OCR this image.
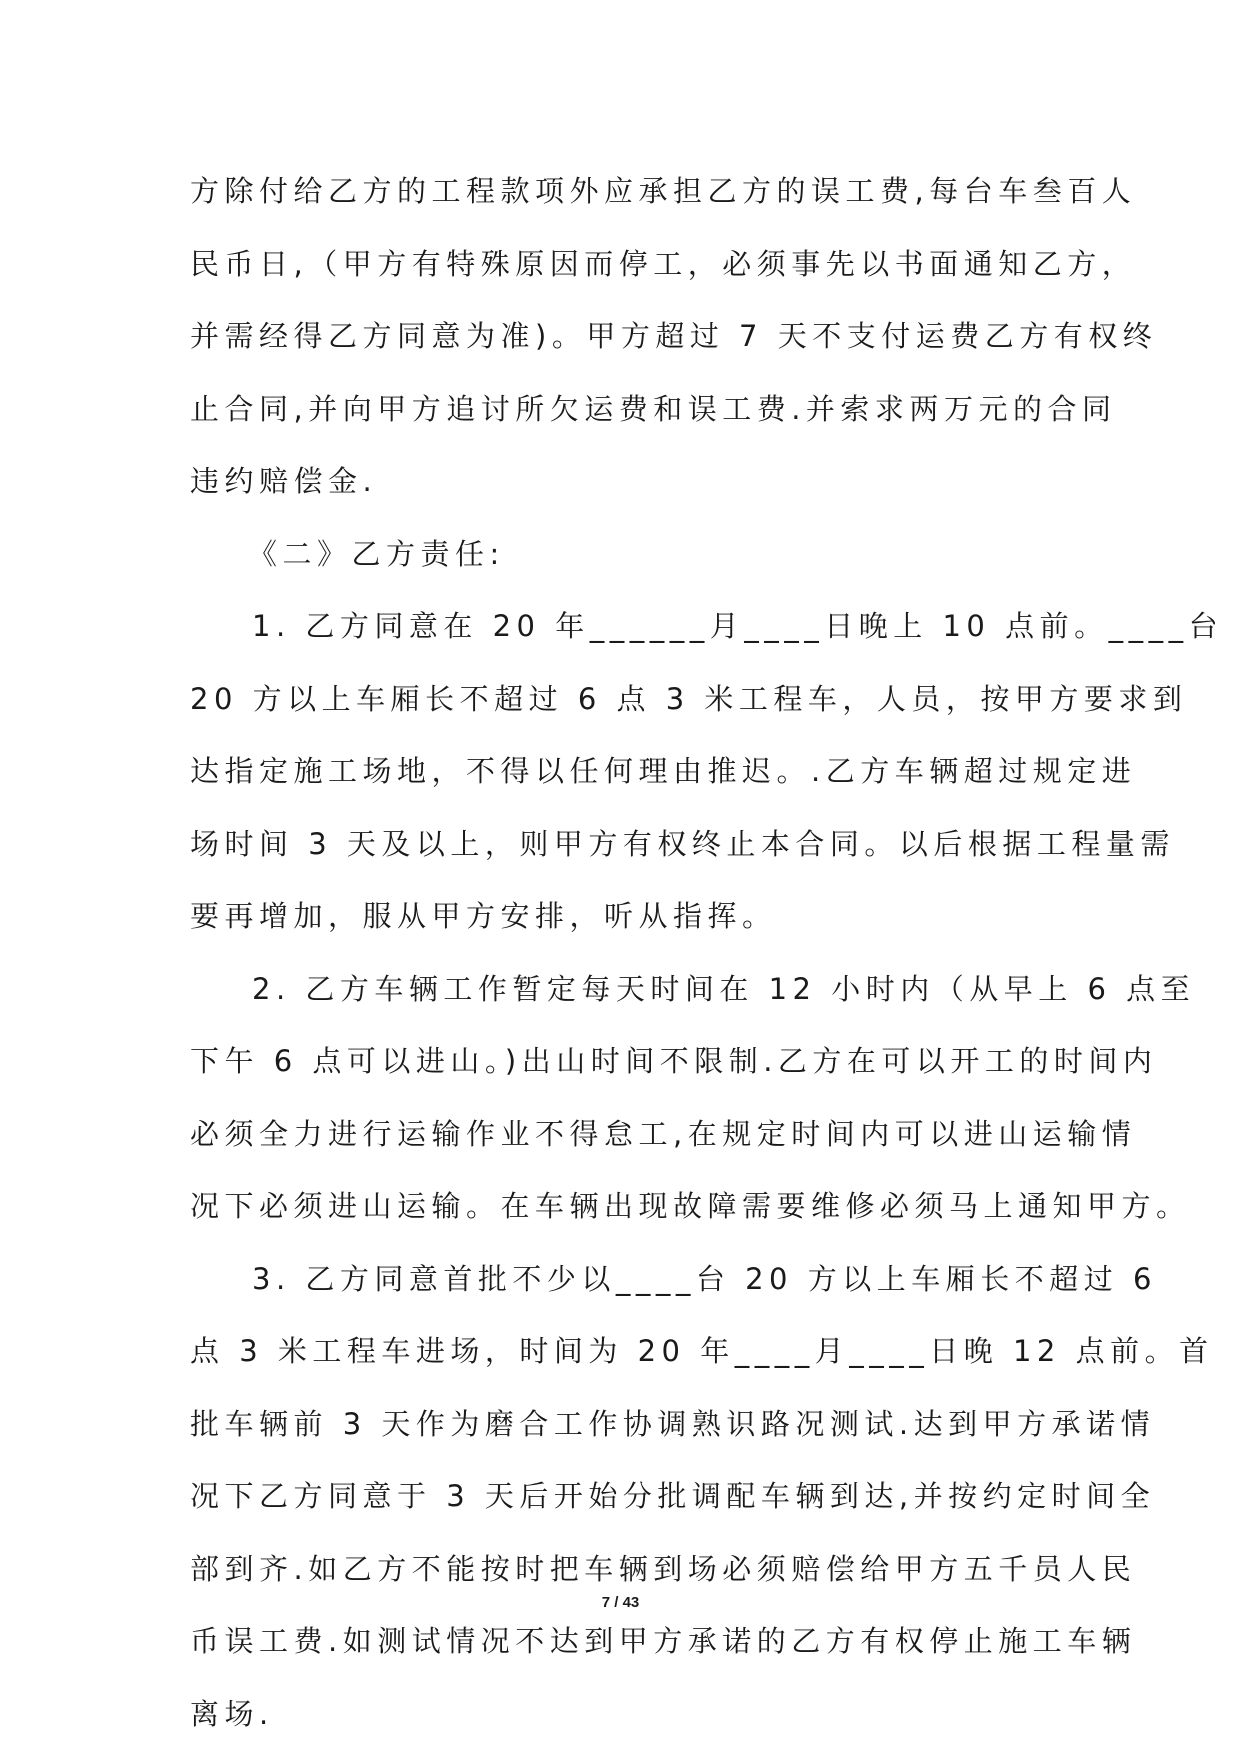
方除付给乙方的工程款项外应承担乙方的误工费,每台车叁百人
民币日,（甲方有特殊原因而停工，必须事先以书面通知乙方，
并需经得乙方同意为准)。甲方超过 7 天不支付运费乙方有权终
止合同,并向甲方追讨所欠运费和误工费.并索求两万元的合同
违约赔偿金.
《二》乙方责任:
1. 乙方同意在 20 年______月____日晚上 10 点前。____台
20 方以上车厢长不超过 6 点 3 米工程车，人员，按甲方要求到
达指定施工场地，不得以任何理由推迟。.乙方车辆超过规定进
场时间 3 天及以上，则甲方有权终止本合同。以后根据工程量需
要再增加，服从甲方安排，听从指挥。
2. 乙方车辆工作暂定每天时间在 12 小时内（从早上 6 点至
下午 6 点可以进山。)出山时间不限制.乙方在可以开工的时间内
必须全力进行运输作业不得怠工,在规定时间内可以进山运输情
况下必须进山运输。在车辆出现故障需要维修必须马上通知甲方。
3. 乙方同意首批不少以____台 20 方以上车厢长不超过 6
点 3 米工程车进场，时间为 20 年____月____日晚 12 点前。首
批车辆前 3 天作为磨合工作协调熟识路况测试.达到甲方承诺情
况下乙方同意于 3 天后开始分批调配车辆到达,并按约定时间全
部到齐.如乙方不能按时把车辆到场必须赔偿给甲方五千员人民
币误工费.如测试情况不达到甲方承诺的乙方有权停止施工车辆
离场.
7 / 43
